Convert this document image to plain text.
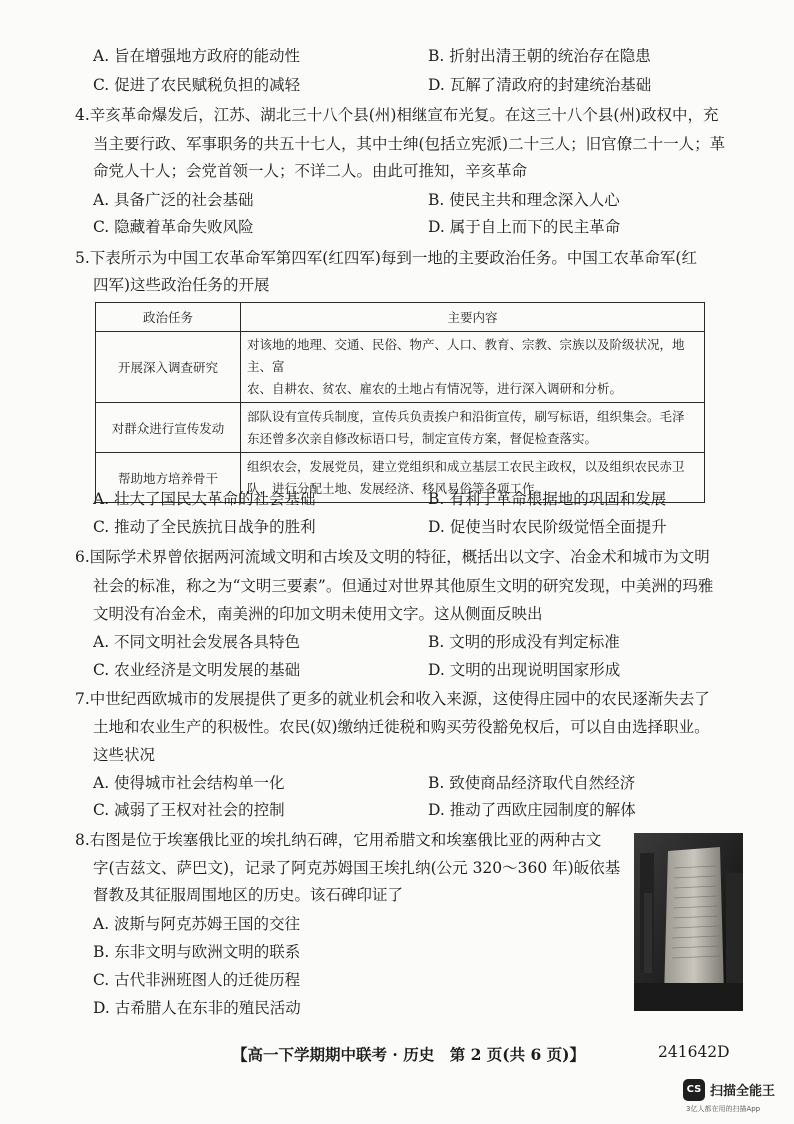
A. 旨在增强地方政府的能动性	B. 折射出清王朝的统治存在隐患
C. 促进了农民赋税负担的减轻	D. 瓦解了清政府的封建统治基础
4.辛亥革命爆发后，江苏、湖北三十八个县(州)相继宣布光复。在这三十八个县(州)政权中，充
当主要行政、军事职务的共五十七人，其中士绅(包括立宪派)二十三人；旧官僚二十一人；革
命党人十人；会党首领一人；不详二人。由此可推知，辛亥革命
A. 具备广泛的社会基础	B. 使民主共和理念深入人心
C. 隐藏着革命失败风险	D. 属于自上而下的民主革命
5.下表所示为中国工农革命军第四军(红四军)每到一地的主要政治任务。中国工农革命军(红
四军)这些政治任务的开展
政治任务	主要内容
开展深入调查研究	对该地的地理、交通、民俗、物产、人口、教育、宗教、宗族以及阶级状况，地主、富
农、自耕农、贫农、雇农的土地占有情况等，进行深入调研和分析。

对群众进行宣传发动	部队设有宣传兵制度，宣传兵负责挨户和沿街宣传，刷写标语，组织集会。毛泽
东还曾多次亲自修改标语口号，制定宣传方案，督促检查落实。

帮助地方培养骨干	组织农会，发展党员，建立党组织和成立基层工农民主政权，以及组织农民赤卫
队，进行分配土地、发展经济、移风易俗等各项工作。
A. 壮大了国民大革命的社会基础	B. 有利于革命根据地的巩固和发展
C. 推动了全民族抗日战争的胜利	D. 促使当时农民阶级觉悟全面提升
6.国际学术界曾依据两河流域文明和古埃及文明的特征，概括出以文字、冶金术和城市为文明
社会的标准，称之为“文明三要素”。但通过对世界其他原生文明的研究发现，中美洲的玛雅
文明没有冶金术，南美洲的印加文明未使用文字。这从侧面反映出
A. 不同文明社会发展各具特色	B. 文明的形成没有判定标准
C. 农业经济是文明发展的基础	D. 文明的出现说明国家形成
7.中世纪西欧城市的发展提供了更多的就业机会和收入来源，这使得庄园中的农民逐渐失去了
土地和农业生产的积极性。农民(奴)缴纳迁徙税和购买劳役豁免权后，可以自由选择职业。
这些状况
A. 使得城市社会结构单一化	B. 致使商品经济取代自然经济
C. 减弱了王权对社会的控制	D. 推动了西欧庄园制度的解体
8.右图是位于埃塞俄比亚的埃扎纳石碑，它用希腊文和埃塞俄比亚的两种古文
字(吉兹文、萨巴文)，记录了阿克苏姆国王埃扎纳(公元 320～360 年)皈依基
督教及其征服周围地区的历史。该石碑印证了
A. 波斯与阿克苏姆王国的交往
B. 东非文明与欧洲文明的联系
C. 古代非洲班图人的迁徙历程
D. 古希腊人在东非的殖民活动
【高一下学期期中联考 · 历史　第 2 页(共 6 页)】	241642D
CS 扫描全能王
3亿人都在用的扫描App
